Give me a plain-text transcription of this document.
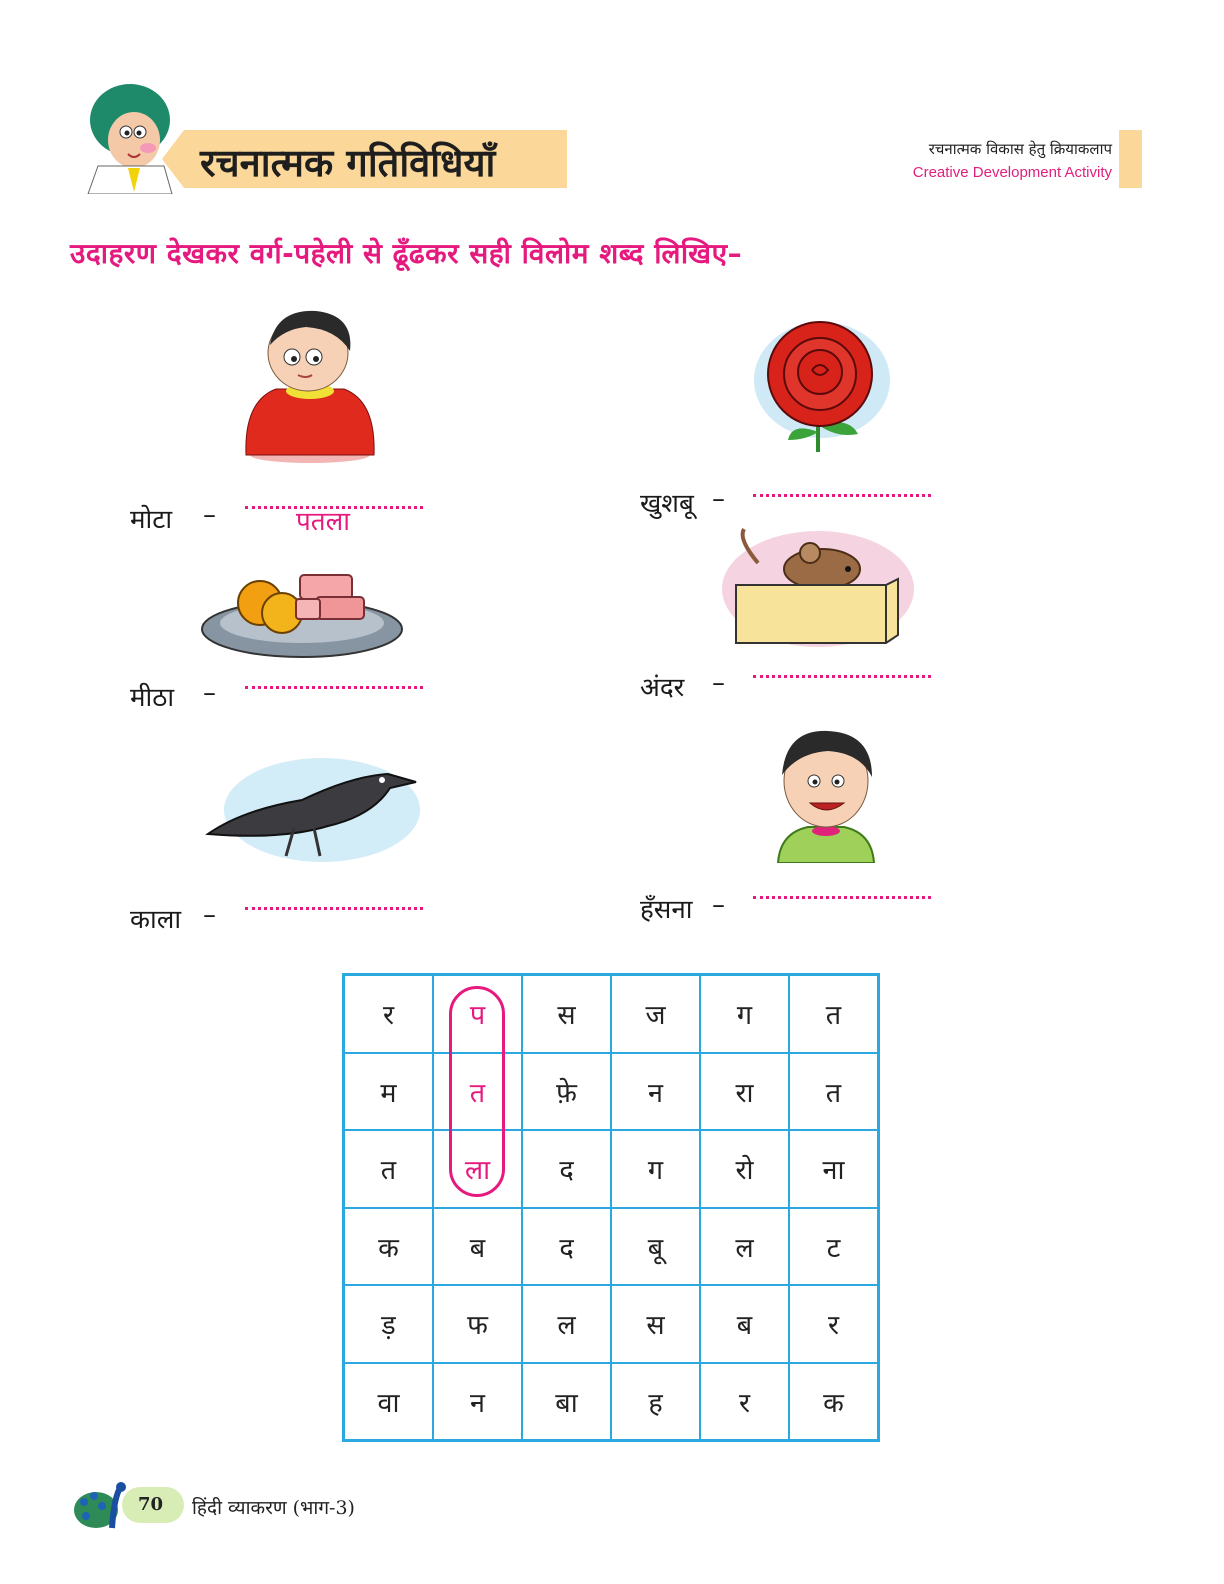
रचनात्मक गतिविधियाँ	रचनात्मक विकास हेतु क्रियाकलाप
Creative Development Activity
उदाहरण देखकर वर्ग-पहेली से ढूँढकर सही विलोम शब्द लिखिए–
मोटा –	पतला
खुशबू –
मीठा –	अंदर –
काला –	हँसना –
र	प	स	ज	ग	त
म	त	फ़े	न	रा	त
त	ला	द	ग	रो	ना
क	ब	द	बू	ल	ट
ड़	फ	ल	स	ब	र
वा	न	बा	ह	र	क
70 हिंदी व्याकरण (भाग-3)
